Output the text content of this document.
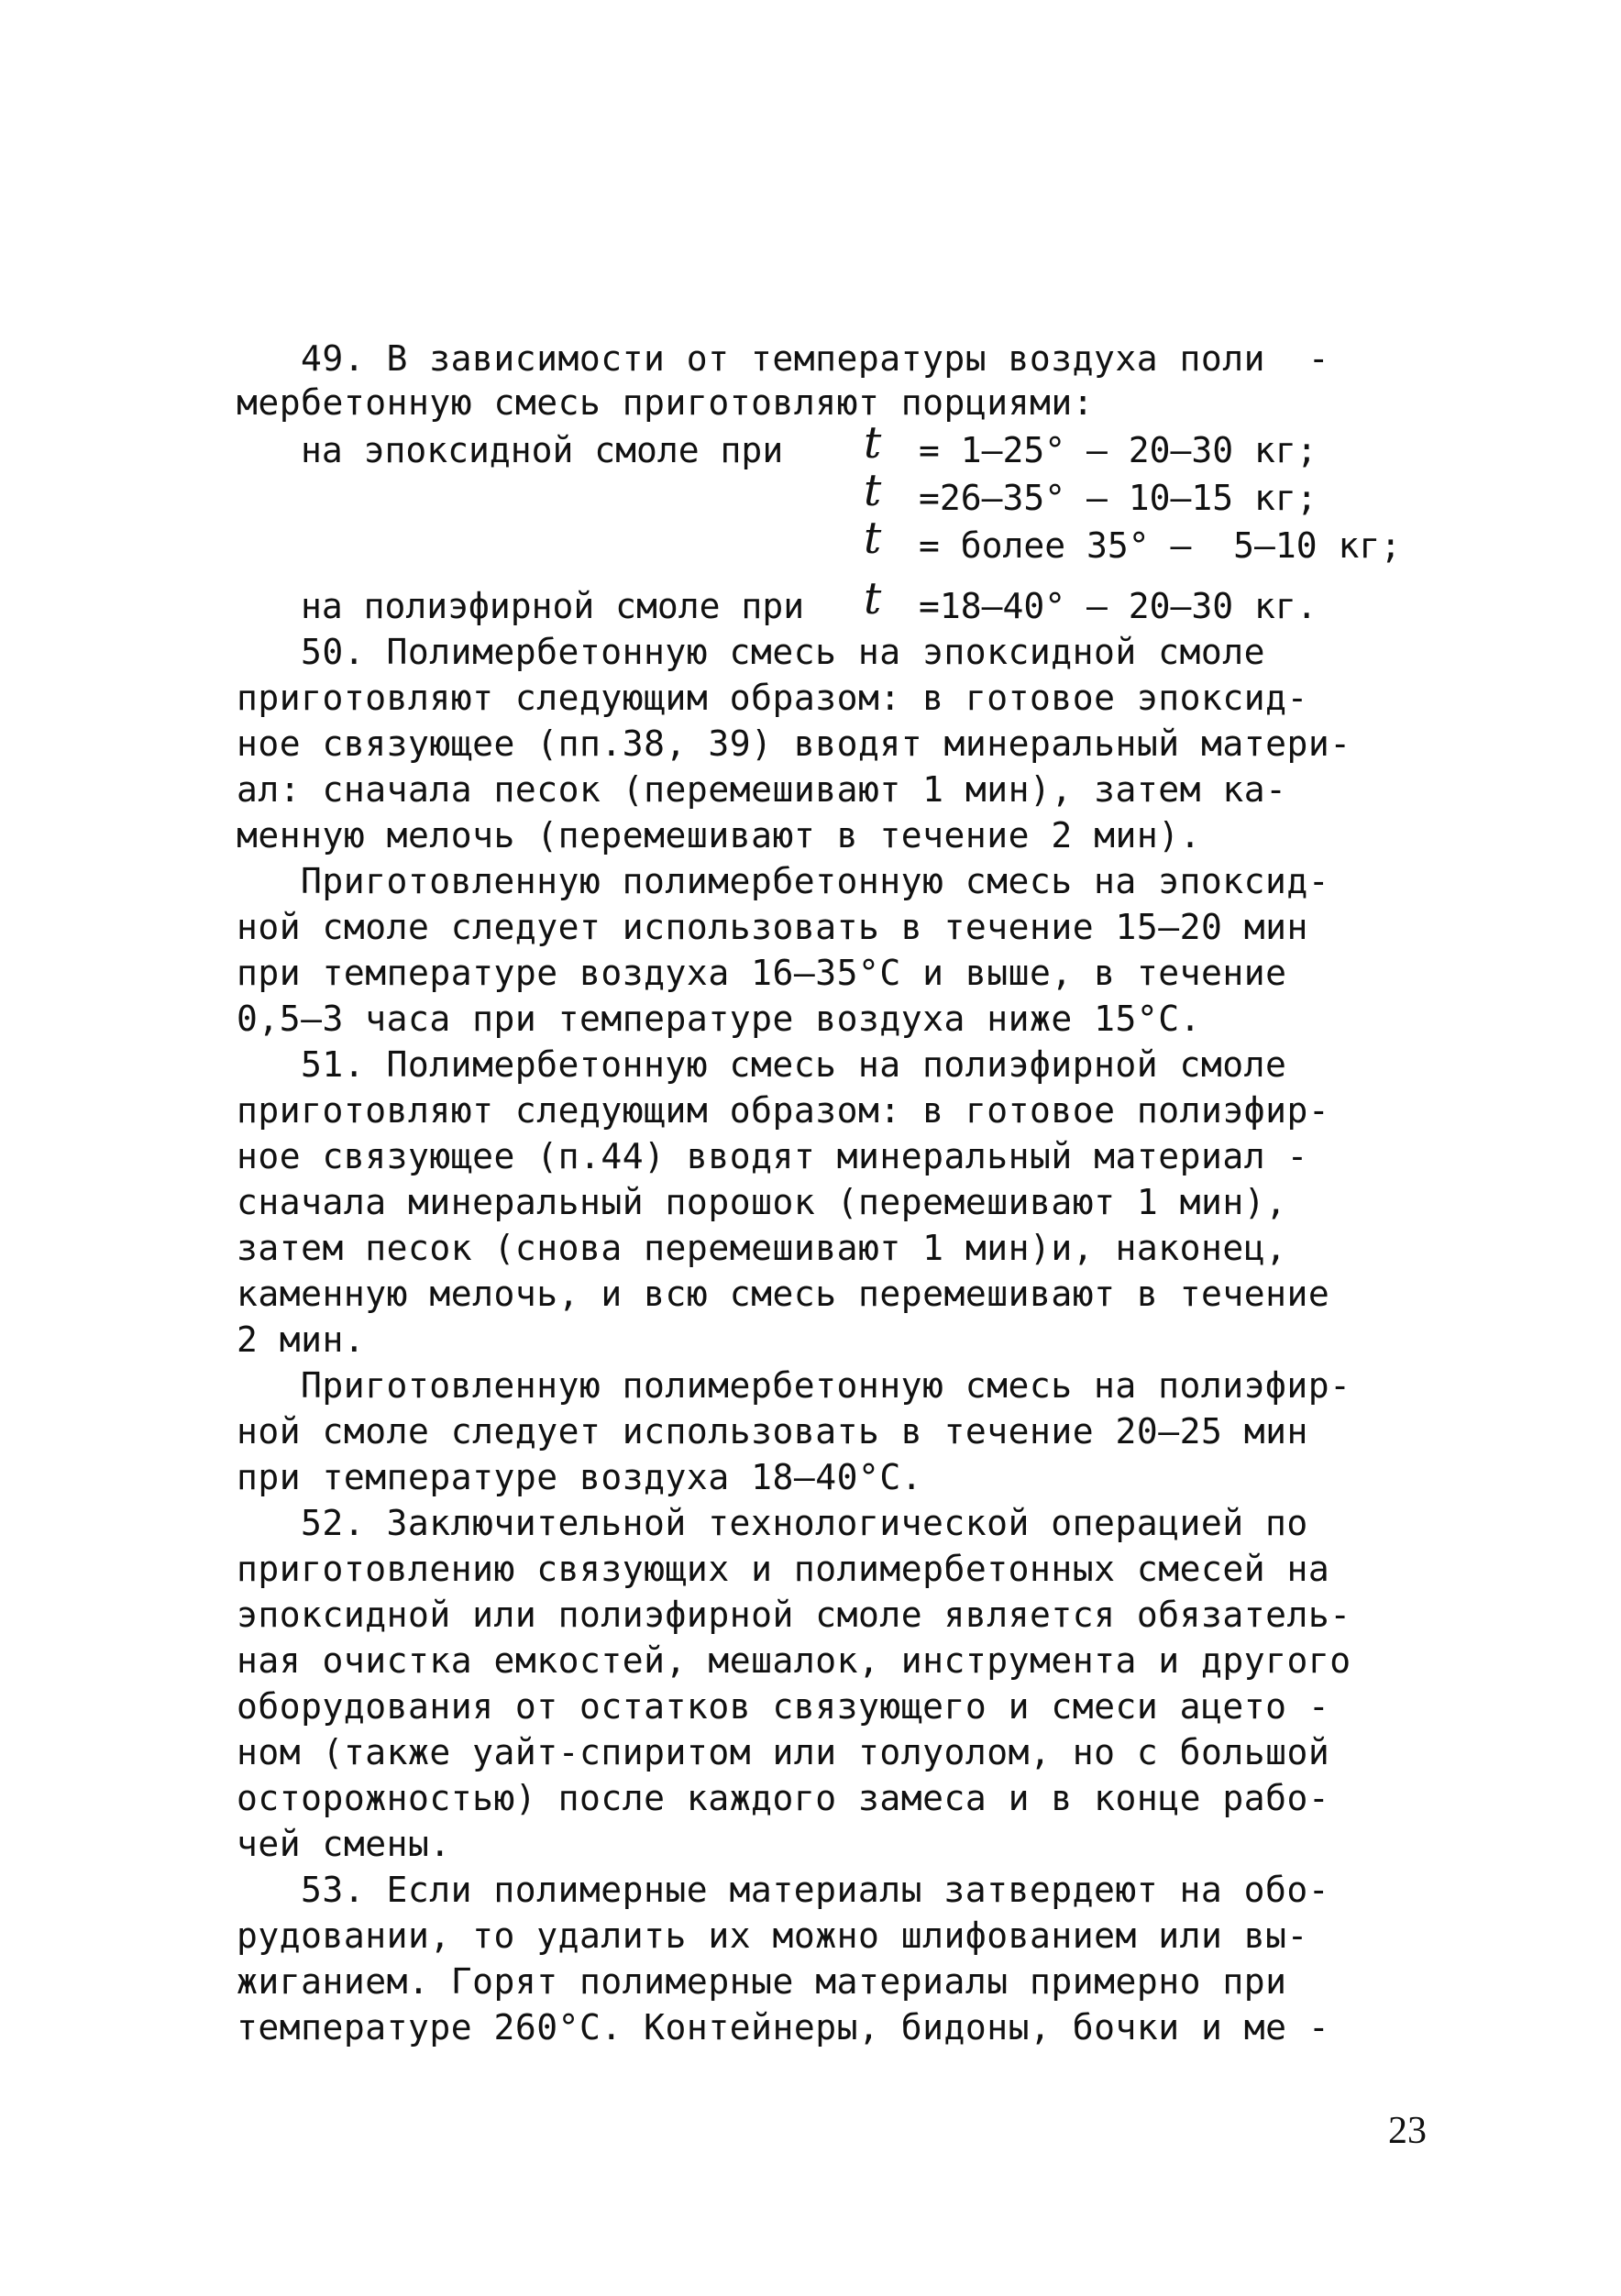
49. В зависимости от температуры воздуха поли  -
мербетонную смесь приготовляют порциями:
на эпоксидной смоле при t = 1–25° – 20–30 кг;
t =26–35° – 10–15 кг;
t = более 35° –  5–10 кг;
на полиэфирной смоле при t =18–40° – 20–30 кг.
50. Полимербетонную смесь на эпоксидной смоле
приготовляют следующим образом: в готовое эпоксид-
ное связующее (пп.38, 39) вводят минеральный матери-
ал: сначала песок (перемешивают 1 мин), затем ка-
менную мелочь (перемешивают в течение 2 мин).
Приготовленную полимербетонную смесь на эпоксид-
ной смоле следует использовать в течение 15–20 мин
при температуре воздуха 16–35°С и выше, в течение
0,5–3 часа при температуре воздуха ниже 15°С.
51. Полимербетонную смесь на полиэфирной смоле
приготовляют следующим образом: в готовое полиэфир-
ное связующее (п.44) вводят минеральный материал -
сначала минеральный порошок (перемешивают 1 мин),
затем песок (снова перемешивают 1 мин)и, наконец,
каменную мелочь, и всю смесь перемешивают в течение
2 мин.
Приготовленную полимербетонную смесь на полиэфир-
ной смоле следует использовать в течение 20–25 мин
при температуре воздуха 18–40°С.
52. Заключительной технологической операцией по
приготовлению связующих и полимербетонных смесей на
эпоксидной или полиэфирной смоле является обязатель-
ная очистка емкостей, мешалок, инструмента и другого
оборудования от остатков связующего и смеси ацето -
ном (также уайт-спиритом или толуолом, но с большой
осторожностью) после каждого замеса и в конце рабо-
чей смены.
53. Если полимерные материалы затвердеют на обо-
рудовании, то удалить их можно шлифованием или вы-
жиганием. Горят полимерные материалы примерно при
температуре 260°С. Контейнеры, бидоны, бочки и ме -
23
